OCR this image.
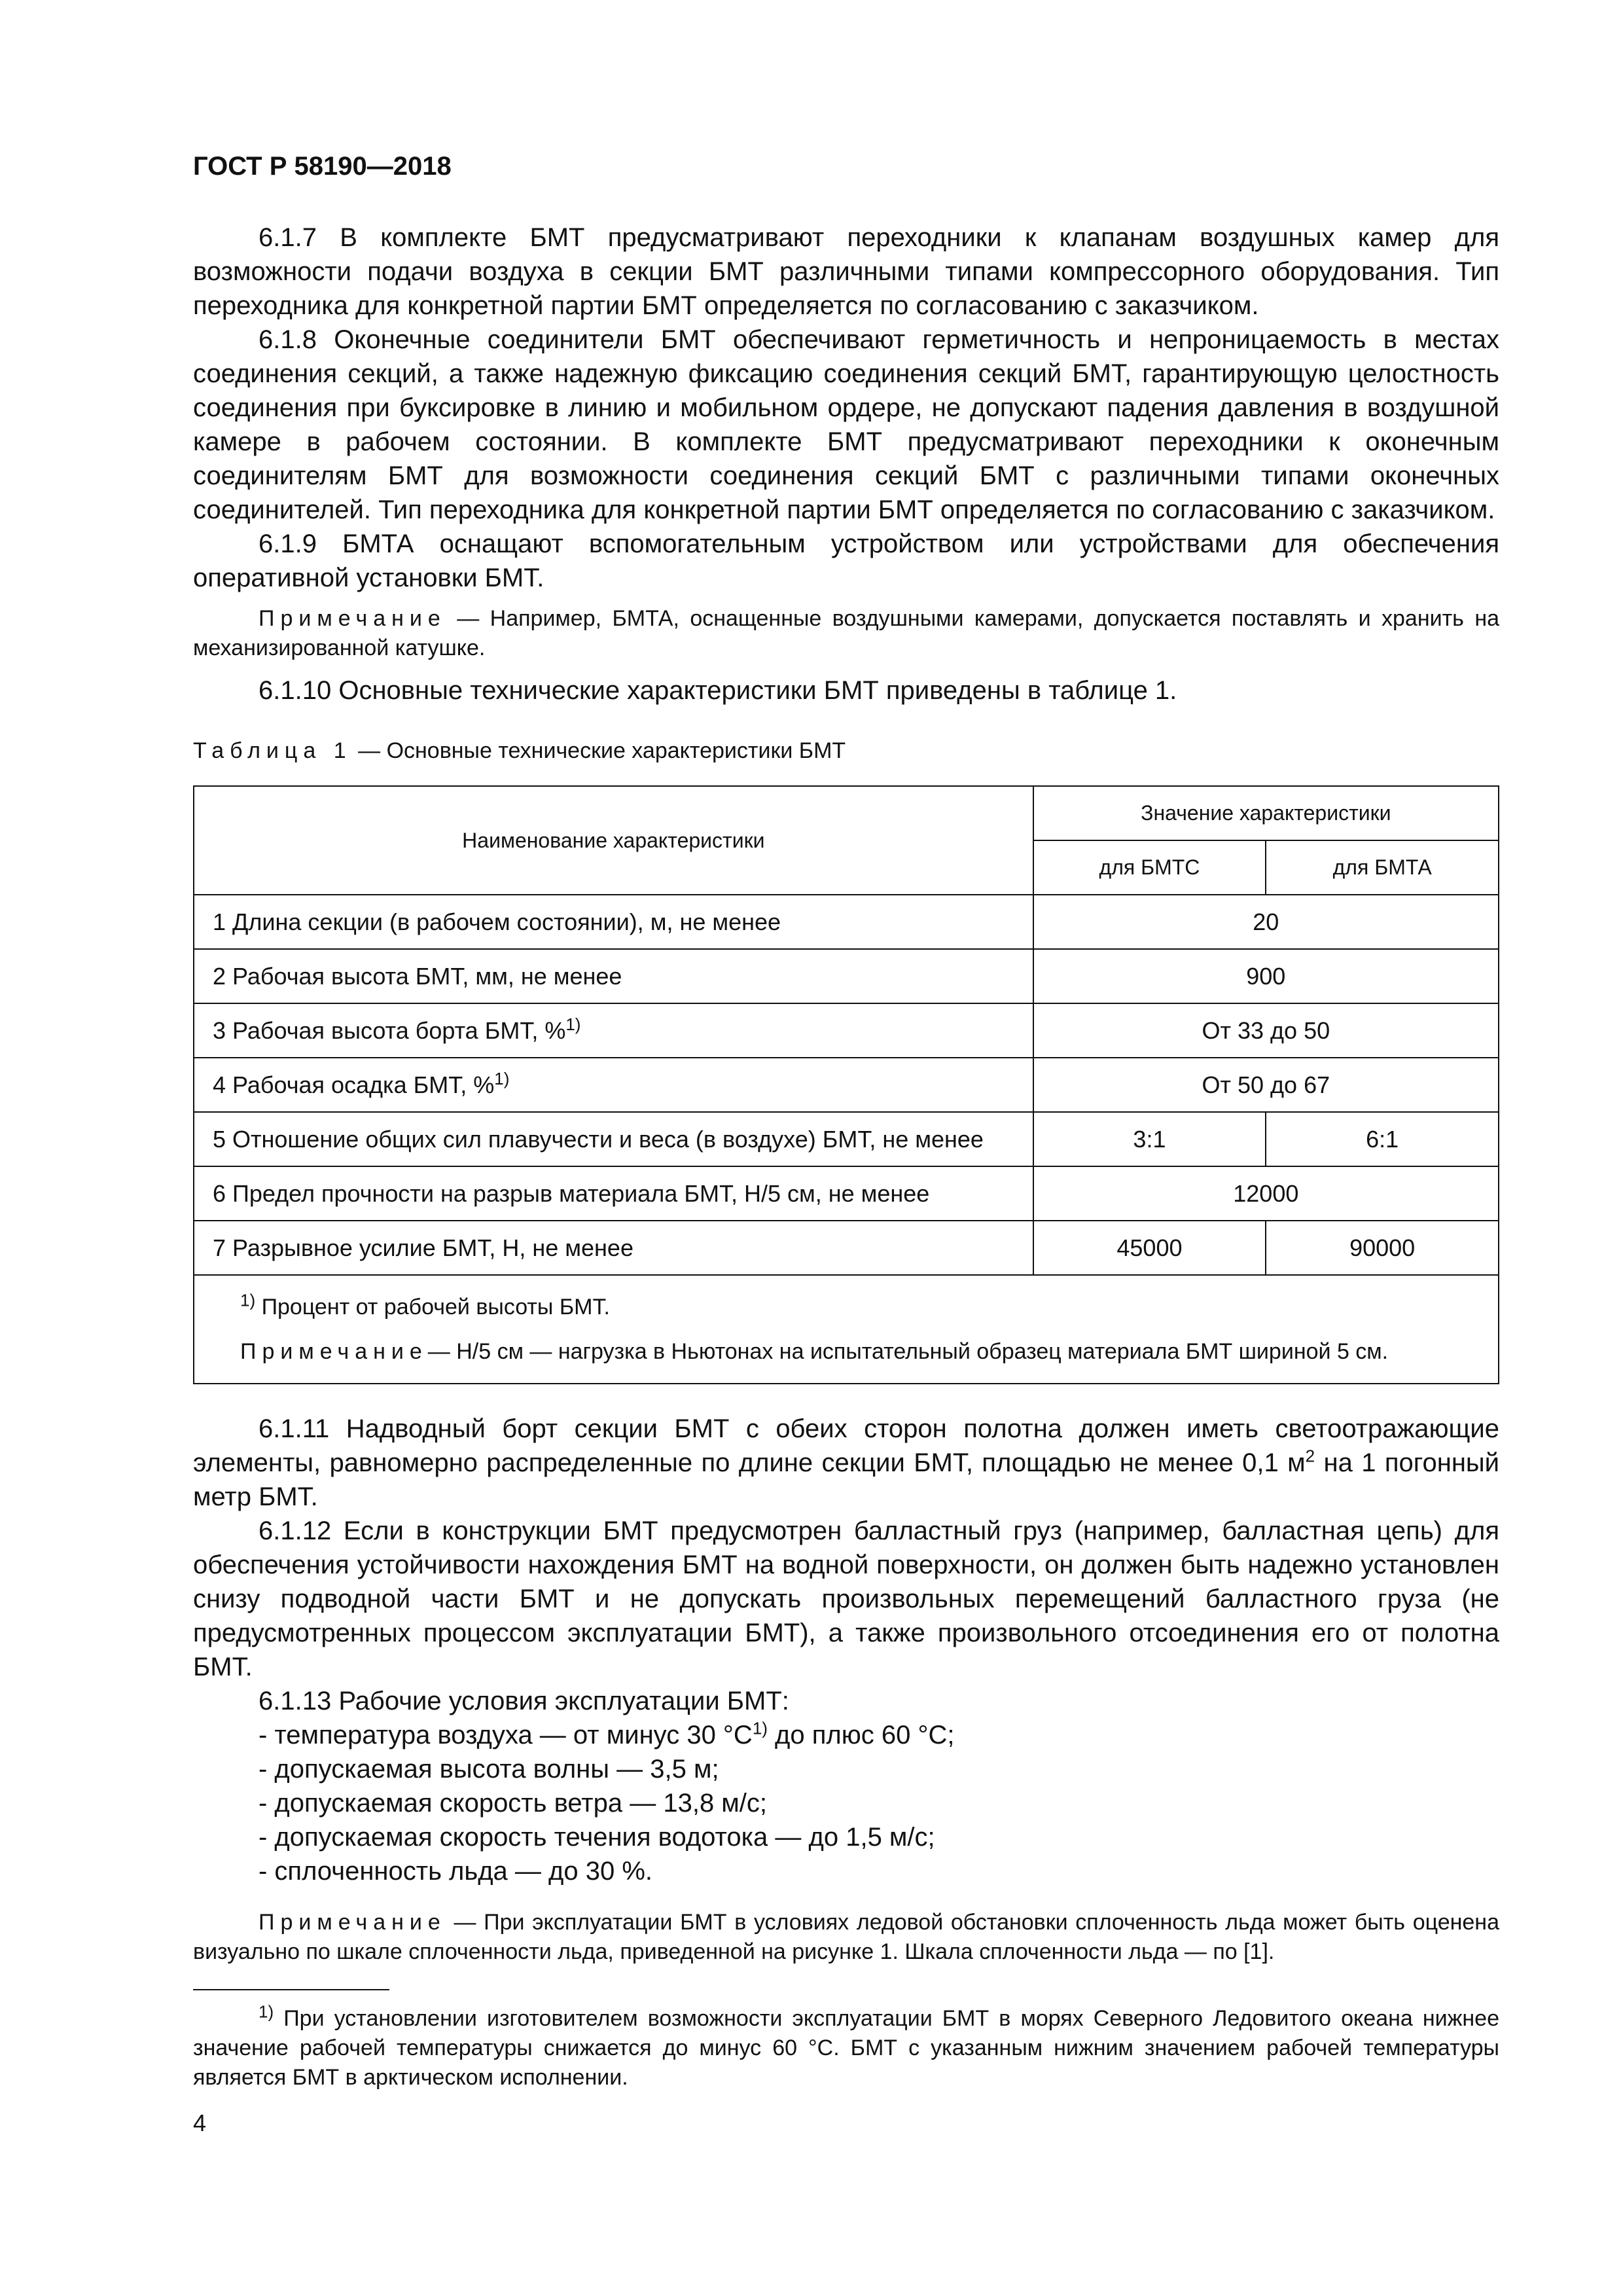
ГОСТ Р 58190—2018

6.1.7 В комплекте БМТ предусматривают переходники к клапанам воздушных камер для возможности подачи воздуха в секции БМТ различными типами компрессорного оборудования. Тип переходника для конкретной партии БМТ определяется по согласованию с заказчиком.

6.1.8 Оконечные соединители БМТ обеспечивают герметичность и непроницаемость в местах соединения секций, а также надежную фиксацию соединения секций БМТ, гарантирующую целостность соединения при буксировке в линию и мобильном ордере, не допускают падения давления в воздушной камере в рабочем состоянии. В комплекте БМТ предусматривают переходники к оконечным соединителям БМТ для возможности соединения секций БМТ с различными типами оконечных соединителей. Тип переходника для конкретной партии БМТ определяется по согласованию с заказчиком.

6.1.9 БМТА оснащают вспомогательным устройством или устройствами для обеспечения оперативной установки БМТ.

Примечание — Например, БМТА, оснащенные воздушными камерами, допускается поставлять и хранить на механизированной катушке.

6.1.10 Основные технические характеристики БМТ приведены в таблице 1.

Таблица 1 — Основные технические характеристики БМТ
Наименование характеристики	Значение характеристики	
	для БМТС	для БМТА
1 Длина секции (в рабочем состоянии), м, не менее	20	
2 Рабочая высота БМТ, мм, не менее	900	
3 Рабочая высота борта БМТ, %$^{1)}$	От 33 до 50	
4 Рабочая осадка БМТ, %$^{1)}$	От 50 до 67	
5 Отношение общих сил плавучести и веса (в воздухе) БМТ, не менее	3:1	6:1
6 Предел прочности на разрыв материала БМТ, Н/5 см, не менее	12000	
7 Разрывное усилие БМТ, Н, не менее	45000	90000

$^{1)}$ Процент от рабочей высоты БМТ.
Примечание— Н/5 см — нагрузка в Ньютонах на испытательный образец материала БМТ шириной 5 см.		

6.1.11 Надводный борт секции БМТ с обеих сторон полотна должен иметь светоотражающие элементы, равномерно распределенные по длине секции БМТ, площадью не менее 0,1 $м^2$ на 1 погонный метр БМТ.

6.1.12 Если в конструкции БМТ предусмотрен балластный груз (например, балластная цепь) для обеспечения устойчивости нахождения БМТ на водной поверхности, он должен быть надежно установлен снизу подводной части БМТ и не допускать произвольных перемещений балластного груза (не предусмотренных процессом эксплуатации БМТ), а также произвольного отсоединения его от полотна БМТ.

6.1.13 Рабочие условия эксплуатации БМТ:

- температура воздуха — от минус 30 $^\circ С^{1)}$ до плюс 60 °С;
- допускаемая высота волны — 3,5 м;
- допускаемая скорость ветра — 13,8 м/с;
- допускаемая скорость течения водотока — до 1,5 м/с;
- сплоченность льда — до 30 %.

Примечание — При эксплуатации БМТ в условиях ледовой обстановки сплоченность льда может быть оценена визуально по шкале сплоченности льда, приведенной на рисунке 1. Шкала сплоченности льда — по [1].

$^{1)}$ При установлении изготовителем возможности эксплуатации БМТ в морях Северного Ледовитого океана нижнее значение рабочей температуры снижается до минус 60 °С. БМТ с указанным нижним значением рабочей температуры является БМТ в арктическом исполнении.
4
